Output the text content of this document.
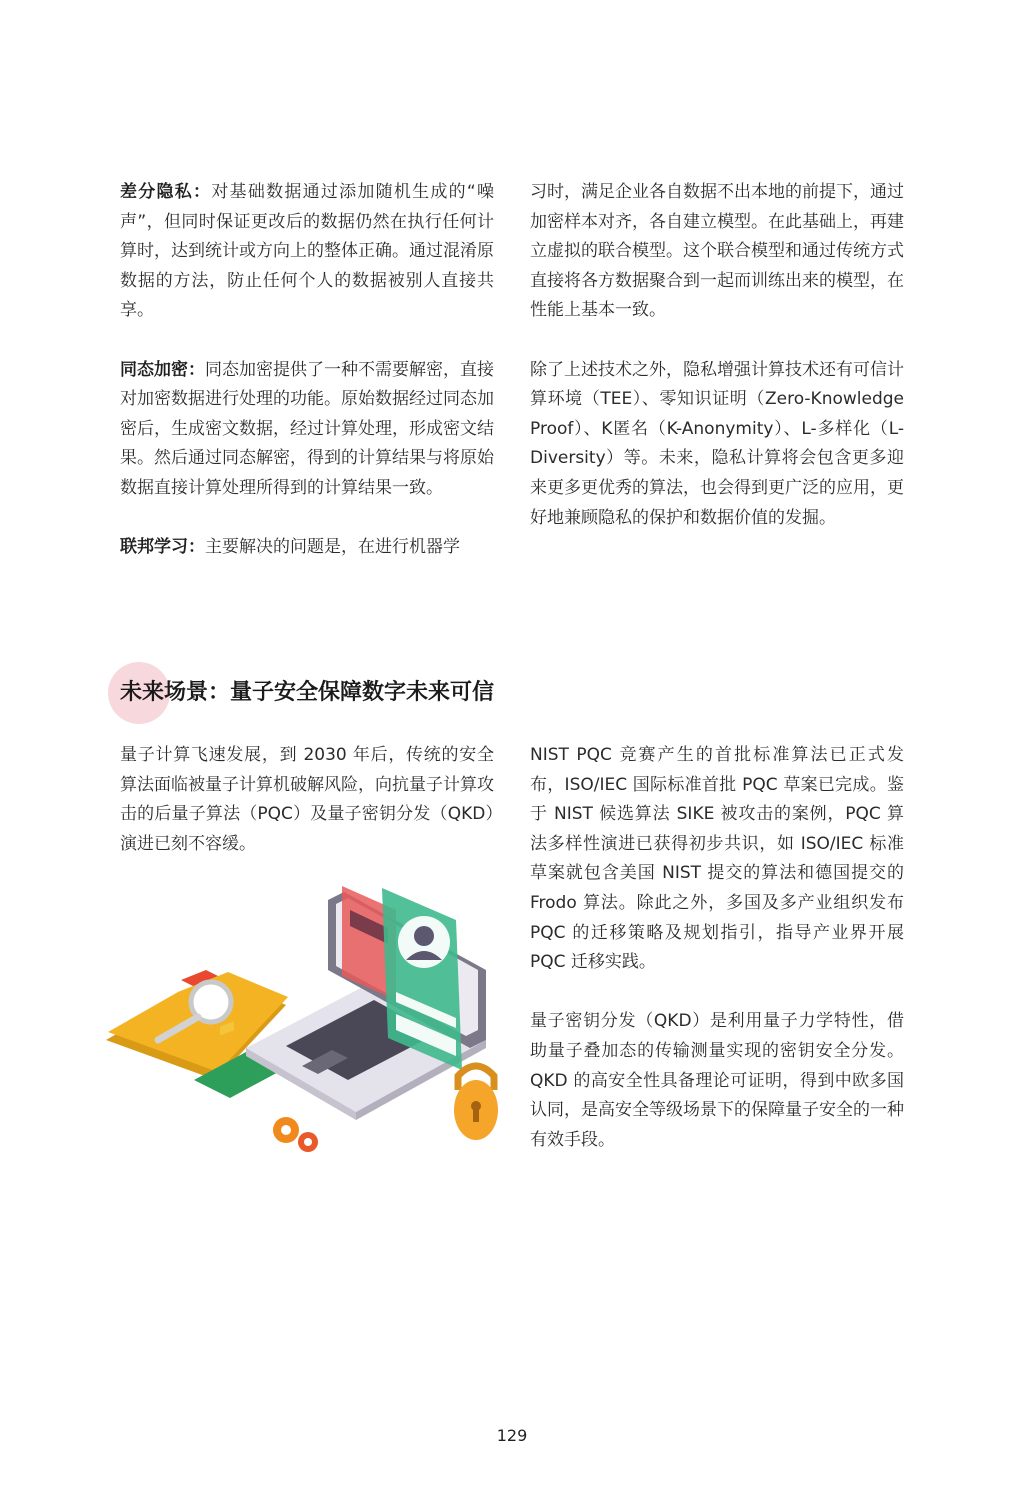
差分隐私：对基础数据通过添加随机生成的“噪声”，但同时保证更改后的数据仍然在执行任何计算时，达到统计或方向上的整体正确。通过混淆原数据的方法，防止任何个人的数据被别人直接共享。

同态加密：同态加密提供了一种不需要解密，直接对加密数据进行处理的功能。原始数据经过同态加密后，生成密文数据，经过计算处理，形成密文结果。然后通过同态解密，得到的计算结果与将原始数据直接计算处理所得到的计算结果一致。

联邦学习：主要解决的问题是，在进行机器学

习时，满足企业各自数据不出本地的前提下，通过加密样本对齐，各自建立模型。在此基础上，再建立虚拟的联合模型。这个联合模型和通过传统方式直接将各方数据聚合到一起而训练出来的模型，在性能上基本一致。

除了上述技术之外，隐私增强计算技术还有可信计算环境（TEE）、零知识证明（Zero-Knowledge Proof）、K匿名（K-Anonymity）、L-多样化（L-Diversity）等。未来，隐私计算将会包含更多迎来更多更优秀的算法，也会得到更广泛的应用，更好地兼顾隐私的保护和数据价值的发掘。

未来场景：量子安全保障数字未来可信

量子计算飞速发展，到 2030 年后，传统的安全算法面临被量子计算机破解风险，向抗量子计算攻击的后量子算法（PQC）及量子密钥分发（QKD）演进已刻不容缓。

NIST PQC 竞赛产生的首批标准算法已正式发布，ISO/IEC 国际标准首批 PQC 草案已完成。鉴于 NIST 候选算法 SIKE 被攻击的案例，PQC 算法多样性演进已获得初步共识，如 ISO/IEC 标准草案就包含美国 NIST 提交的算法和德国提交的 Frodo 算法。除此之外，多国及多产业组织发布 PQC 的迁移策略及规划指引，指导产业界开展 PQC 迁移实践。

量子密钥分发（QKD）是利用量子力学特性，借助量子叠加态的传输测量实现的密钥安全分发。QKD 的高安全性具备理论可证明，得到中欧多国认同，是高安全等级场景下的保障量子安全的一种有效手段。

129
